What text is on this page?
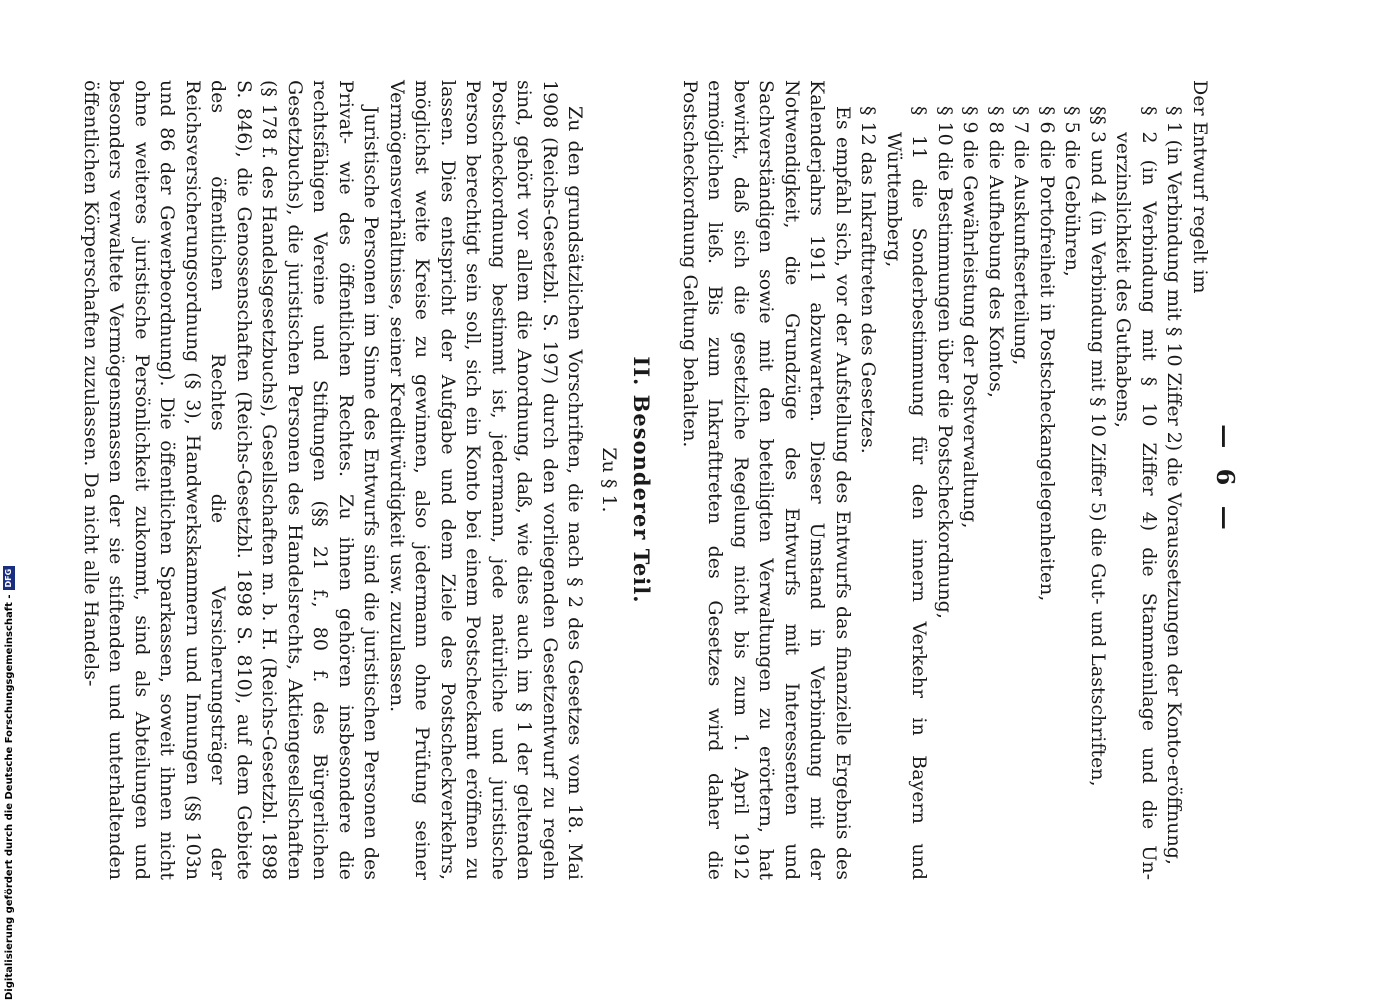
— 6 —

Der Entwurf regelt im

§ 1 (in Verbindung mit § 10 Ziffer 2) die Voraussetzungen der Konto-eröffnung,

§ 2 (in Verbindung mit § 10 Ziffer 4) die Stammeinlage und die Un-verzinslichkeit des Guthabens,

§§ 3 und 4 (in Verbindung mit § 10 Ziffer 5) die Gut- und Lastschriften,

§ 5 die Gebühren,

§ 6 die Portofreiheit in Postscheckangelegenheiten,

§ 7 die Auskunftserteilung,

§ 8 die Aufhebung des Kontos,

§ 9 die Gewährleistung der Postverwaltung,

§ 10 die Bestimmungen über die Postscheckordnung,

§ 11 die Sonderbestimmung für den innern Verkehr in Bayern und Württemberg,

§ 12 das Inkrafttreten des Gesetzes.

Es empfahl sich, vor der Aufstellung des Entwurfs das finanzielle Ergebnis des Kalenderjahrs 1911 abzuwarten. Dieser Umstand in Verbindung mit der Notwendigkeit, die Grundzüge des Entwurfs mit Interessenten und Sachverständigen sowie mit den beteiligten Verwaltungen zu erörtern, hat bewirkt, daß sich die gesetzliche Regelung nicht bis zum 1. April 1912 ermöglichen ließ. Bis zum Inkrafttreten des Gesetzes wird daher die Postscheckordnung Geltung behalten.

II. Besonderer Teil.

Zu § 1.

Zu den grundsätzlichen Vorschriften, die nach § 2 des Gesetzes vom 18. Mai 1908 (Reichs-Gesetzbl. S. 197) durch den vorliegenden Gesetzentwurf zu regeln sind, gehört vor allem die Anordnung, daß, wie dies auch im § 1 der geltenden Postscheckordnung bestimmt ist, jedermann, jede natürliche und juristische Person berechtigt sein soll, sich ein Konto bei einem Postscheckamt eröffnen zu lassen. Dies entspricht der Aufgabe und dem Ziele des Postscheckverkehrs, möglichst weite Kreise zu gewinnen, also jedermann ohne Prüfung seiner Vermögensverhältnisse, seiner Kreditwürdigkeit usw. zuzulassen.

Juristische Personen im Sinne des Entwurfs sind die juristischen Personen des Privat- wie des öffentlichen Rechtes. Zu ihnen gehören insbesondere die rechtsfähigen Vereine und Stiftungen (§§ 21 f., 80 f. des Bürgerlichen Gesetzbuchs), die juristischen Personen des Handelsrechts, Aktiengesellschaften (§ 178 f. des Handelsgesetzbuchs), Gesellschaften m. b. H. (Reichs-Gesetzbl. 1898 S. 846), die Genossenschaften (Reichs-Gesetzbl. 1898 S. 810), auf dem Gebiete des öffentlichen Rechtes die Versicherungsträger der Reichsversicherungsordnung (§ 3), Handwerkskammern und Innungen (§§ 103n und 86 der Gewerbeordnung). Die öffentlichen Sparkassen, soweit ihnen nicht ohne weiteres juristische Persönlichkeit zukommt, sind als Abteilungen und besonders verwaltete Vermögensmassen der sie stiftenden und unterhaltenden öffentlichen Körperschaften zuzulassen. Da nicht alle Handels-

Digitalisierung gefördert durch die Deutsche Forschungsgemeinschaft -
DFG
